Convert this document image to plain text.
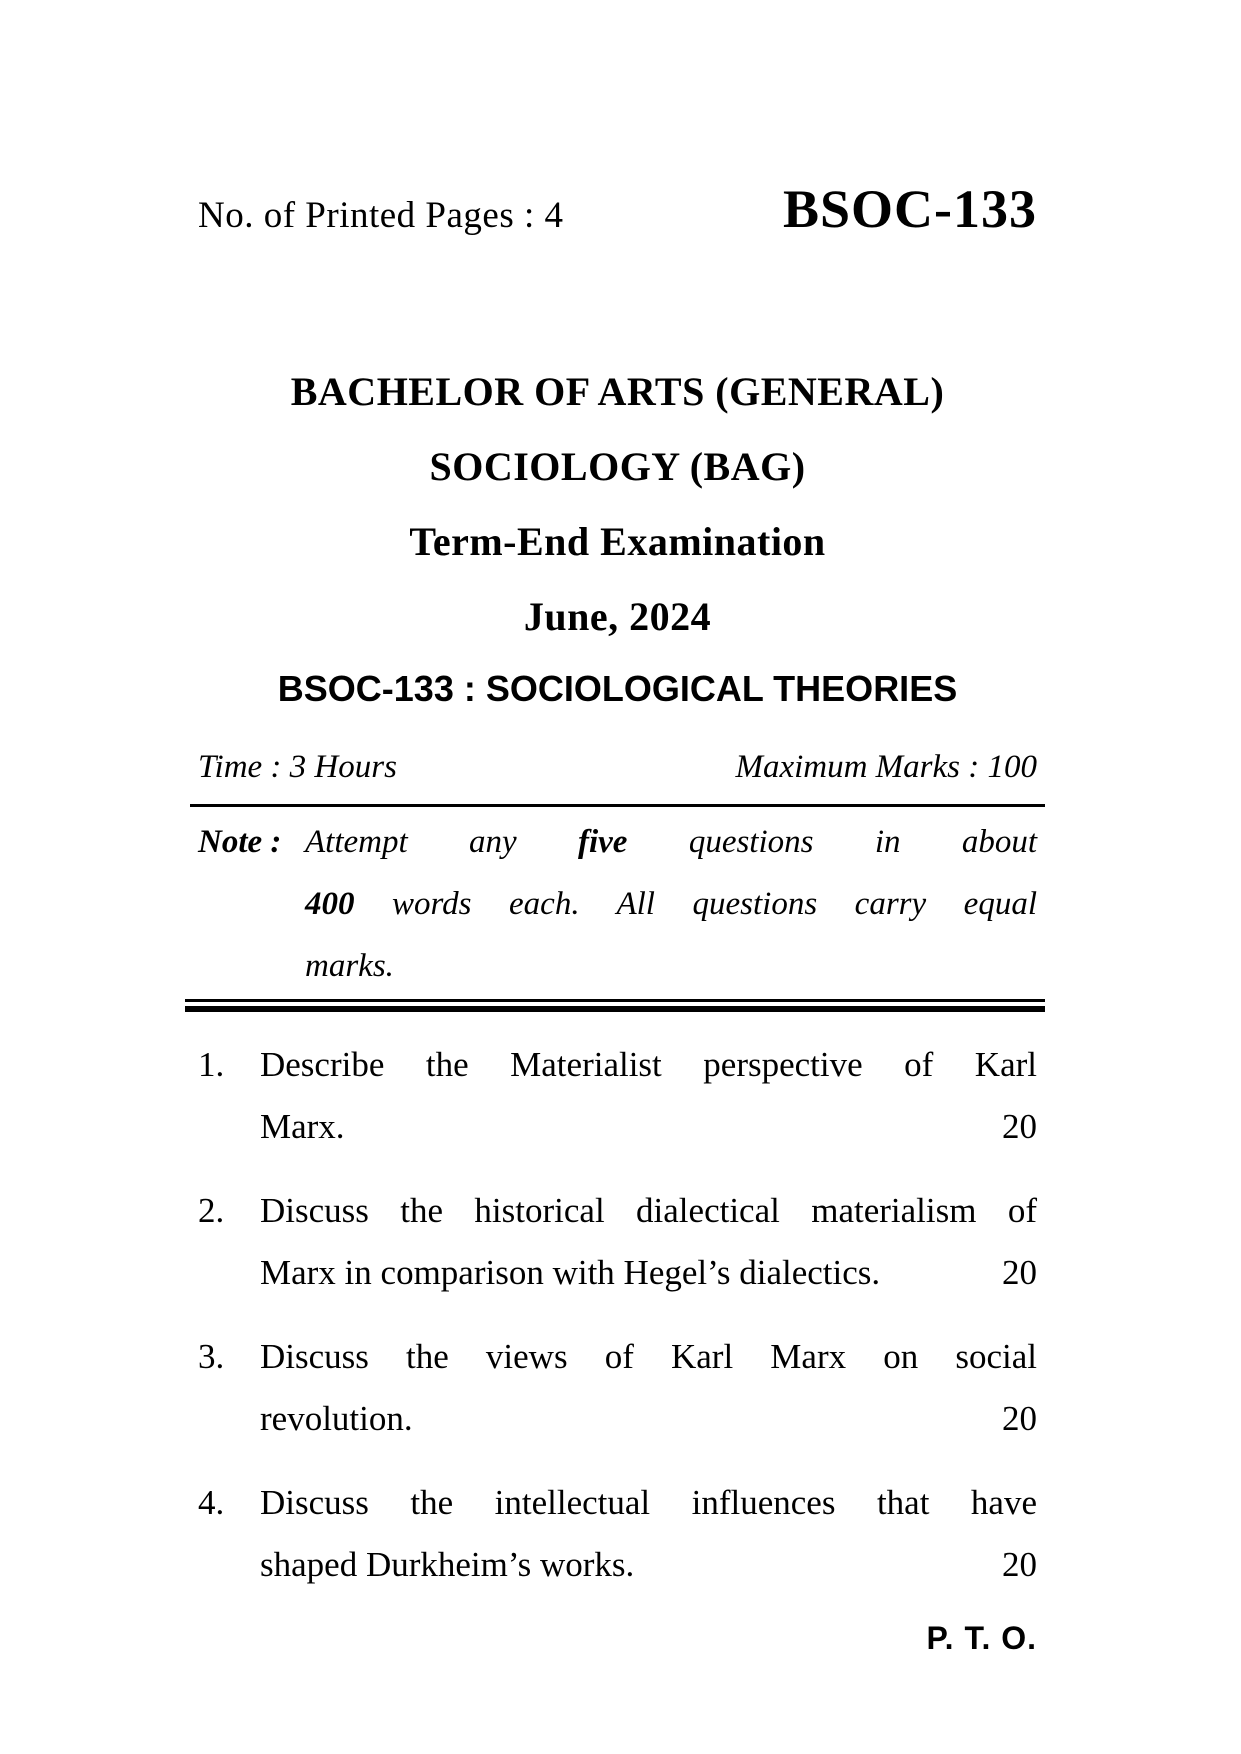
No. of Printed Pages : 4	BSOC-133
BACHELOR OF ARTS (GENERAL)
SOCIOLOGY (BAG)
Term-End Examination
June, 2024
BSOC-133 : SOCIOLOGICAL THEORIES
Time : 3 Hours	Maximum Marks : 100
Note : Attempt any five questions in about
400 words each. All questions carry equal
marks.
1. Describe the Materialist perspective of Karl
Marx.	20
2. Discuss the historical dialectical materialism of
Marx in comparison with Hegel’s dialectics.	20
3. Discuss the views of Karl Marx on social
revolution.	20
4. Discuss the intellectual influences that have
shaped Durkheim’s works.	20
P. T. O.
